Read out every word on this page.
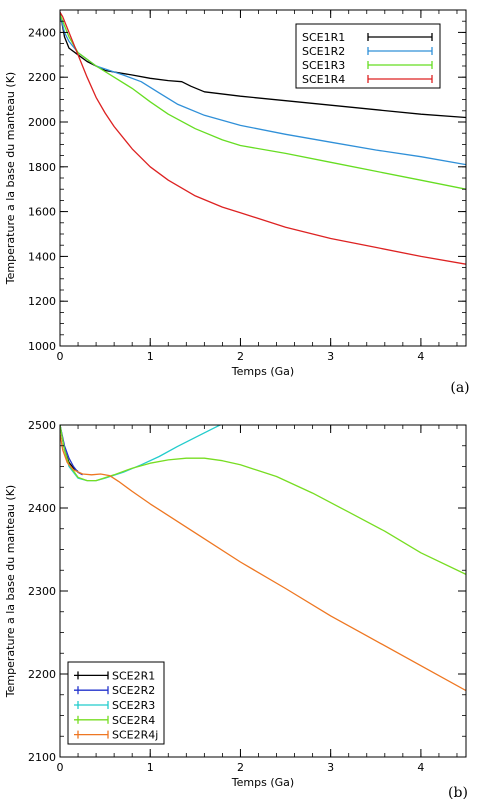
0	1	2	3	4
1000
1200
1400
1600
1800
2000
2200
2400
Temps (Ga)
Temperature a la base du manteau (K)
(a)
SCE1R1
SCE1R2
SCE1R3
SCE1R4
0	1	2	3	4
2100
2200
2300
2400
2500
Temps (Ga)
Temperature a la base du manteau (K)
(b)
SCE2R1
SCE2R2
SCE2R3
SCE2R4
SCE2R4j
